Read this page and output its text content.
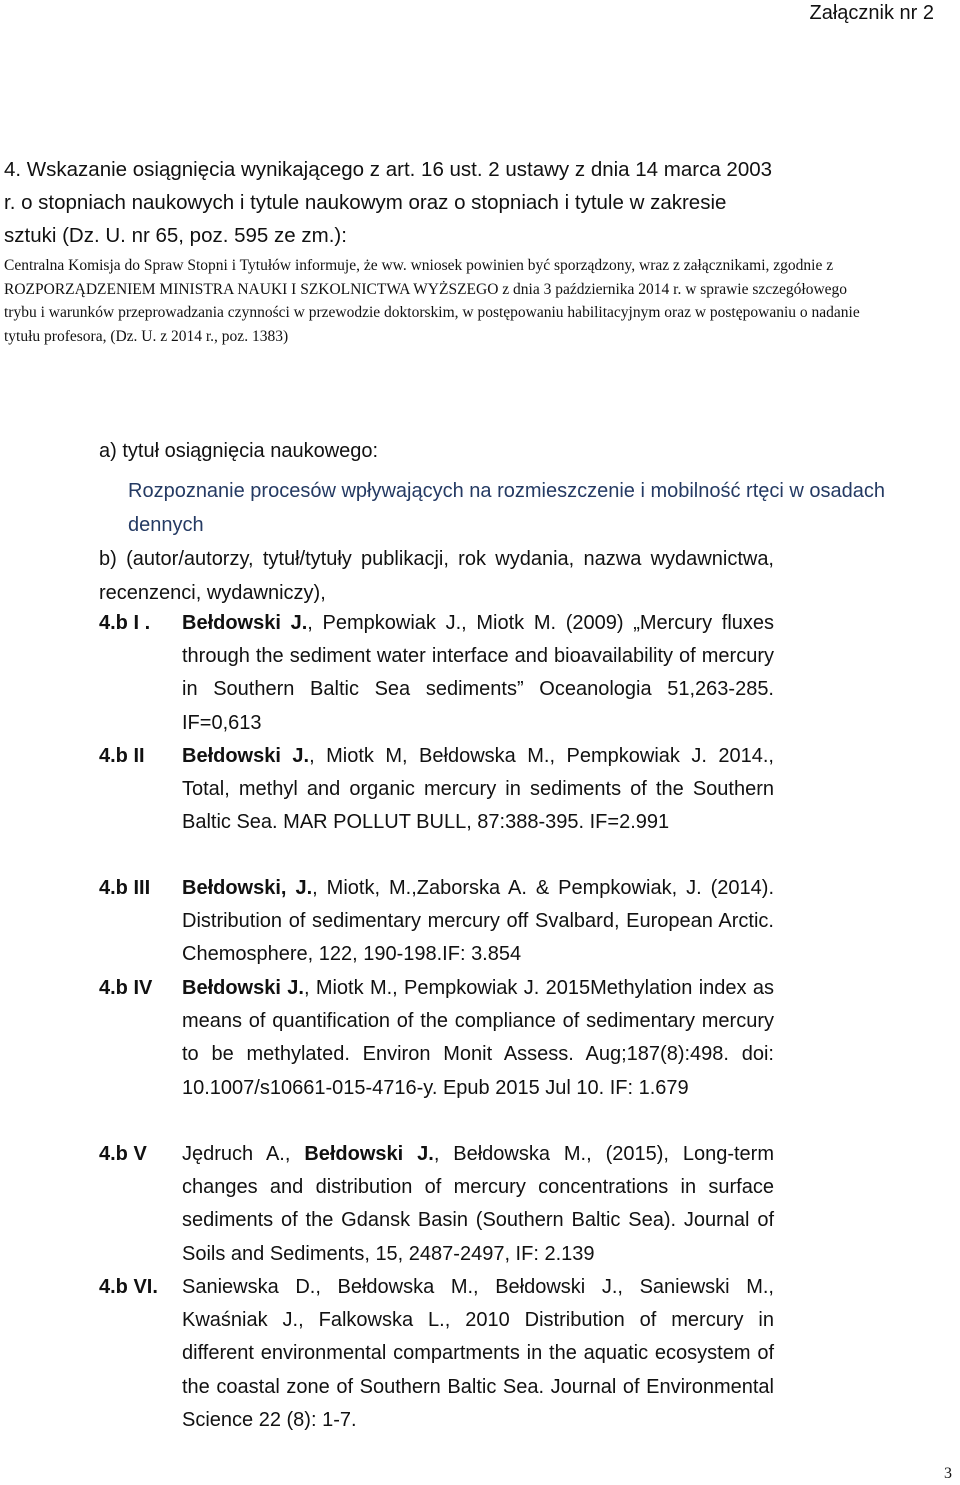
Załącznik nr 2
4. Wskazanie osiągnięcia wynikającego z art. 16 ust. 2 ustawy z dnia 14 marca 2003 r. o stopniach naukowych i tytule naukowym oraz o stopniach i tytule w zakresie sztuki (Dz. U. nr 65, poz. 595 ze zm.):
Centralna Komisja do Spraw Stopni i Tytułów informuje, że ww. wniosek powinien być sporządzony, wraz z załącznikami, zgodnie z ROZPORZĄDZENIEM MINISTRA NAUKI I SZKOLNICTWA WYŻSZEGO z dnia 3 października 2014 r. w sprawie szczegółowego trybu i warunków przeprowadzania czynności w przewodzie doktorskim, w postępowaniu habilitacyjnym oraz w postępowaniu o nadanie tytułu profesora, (Dz. U. z 2014 r., poz. 1383)
a) tytuł osiągnięcia naukowego:
Rozpoznanie procesów wpływających na rozmieszczenie i mobilność rtęci w osadach dennych
b) (autor/autorzy, tytuł/tytuły publikacji, rok wydania, nazwa wydawnictwa, recenzenci, wydawniczy),
4.b I . Bełdowski J., Pempkowiak J., Miotk M. (2009) „Mercury fluxes through the sediment water interface and bioavailability of mercury in Southern Baltic Sea sediments” Oceanologia 51,263-285. IF=0,613
4.b II Bełdowski J., Miotk M, Bełdowska M., Pempkowiak J. 2014., Total, methyl and organic mercury in sediments of the Southern Baltic Sea. MAR POLLUT BULL, 87:388-395. IF=2.991
4.b III Bełdowski, J., Miotk, M.,Zaborska A. & Pempkowiak, J. (2014). Distribution of sedimentary mercury off Svalbard, European Arctic. Chemosphere, 122, 190-198.IF: 3.854
4.b IV Bełdowski J., Miotk M., Pempkowiak J. 2015Methylation index as means of quantification of the compliance of sedimentary mercury to be methylated. Environ Monit Assess. Aug;187(8):498. doi: 10.1007/s10661-015-4716-y. Epub 2015 Jul 10. IF: 1.679
4.b V Jędruch A., Bełdowski J., Bełdowska M., (2015), Long-term changes and distribution of mercury concentrations in surface sediments of the Gdansk Basin (Southern Baltic Sea). Journal of Soils and Sediments, 15, 2487-2497, IF: 2.139
4.b VI. Saniewska D., Bełdowska M., Bełdowski J., Saniewski M., Kwaśniak J., Falkowska L., 2010 Distribution of mercury in different environmental compartments in the aquatic ecosystem of the coastal zone of Southern Baltic Sea. Journal of Environmental Science 22 (8): 1-7.
3
